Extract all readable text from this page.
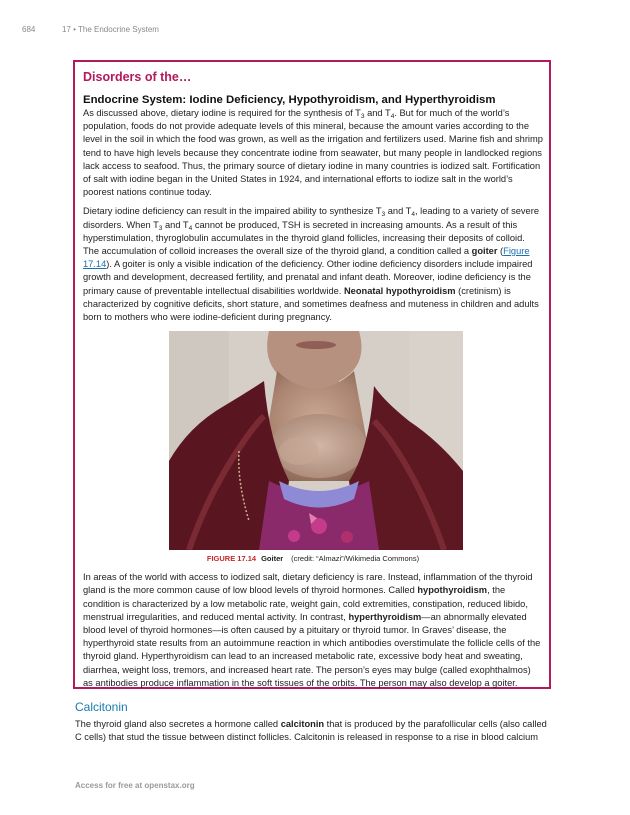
684	17 • The Endocrine System
Disorders of the…
Endocrine System: Iodine Deficiency, Hypothyroidism, and Hyperthyroidism

As discussed above, dietary iodine is required for the synthesis of $T_3$ and $T_4$. But for much of the world’s population, foods do not provide adequate levels of this mineral, because the amount varies according to the level in the soil in which the food was grown, as well as the irrigation and fertilizers used. Marine fish and shrimp tend to have high levels because they concentrate iodine from seawater, but many people in landlocked regions lack access to seafood. Thus, the primary source of dietary iodine in many countries is iodized salt. Fortification of salt with iodine began in the United States in 1924, and international efforts to iodize salt in the world’s poorest nations continue today.

Dietary iodine deficiency can result in the impaired ability to synthesize $T_3$ and $T_4$, leading to a variety of severe disorders. When $T_3$ and $T_4$ cannot be produced, TSH is secreted in increasing amounts. As a result of this hyperstimulation, thyroglobulin accumulates in the thyroid gland follicles, increasing their deposits of colloid. The accumulation of colloid increases the overall size of the thyroid gland, a condition called a goiter (Figure 17.14). A goiter is only a visible indication of the deficiency. Other iodine deficiency disorders include impaired growth and development, decreased fertility, and prenatal and infant death. Moreover, iodine deficiency is the primary cause of preventable intellectual disabilities worldwide. Neonatal hypothyroidism (cretinism) is characterized by cognitive deficits, short stature, and sometimes deafness and muteness in children and adults born to mothers who were iodine-deficient during pregnancy.

FIGURE 17.14 Goiter (credit: “Almazi”/Wikimedia Commons)

In areas of the world with access to iodized salt, dietary deficiency is rare. Instead, inflammation of the thyroid gland is the more common cause of low blood levels of thyroid hormones. Called hypothyroidism, the condition is characterized by a low metabolic rate, weight gain, cold extremities, constipation, reduced libido, menstrual irregularities, and reduced mental activity. In contrast, hyperthyroidism—an abnormally elevated blood level of thyroid hormones—is often caused by a pituitary or thyroid tumor. In Graves’ disease, the hyperthyroid state results from an autoimmune reaction in which antibodies overstimulate the follicle cells of the thyroid gland. Hyperthyroidism can lead to an increased metabolic rate, excessive body heat and sweating, diarrhea, weight loss, tremors, and increased heart rate. The person’s eyes may bulge (called exophthalmos) as antibodies produce inflammation in the soft tissues of the orbits. The person may also develop a goiter.

Calcitonin

The thyroid gland also secretes a hormone called calcitonin that is produced by the parafollicular cells (also called C cells) that stud the tissue between distinct follicles. Calcitonin is released in response to a rise in blood calcium

Access for free at openstax.org
